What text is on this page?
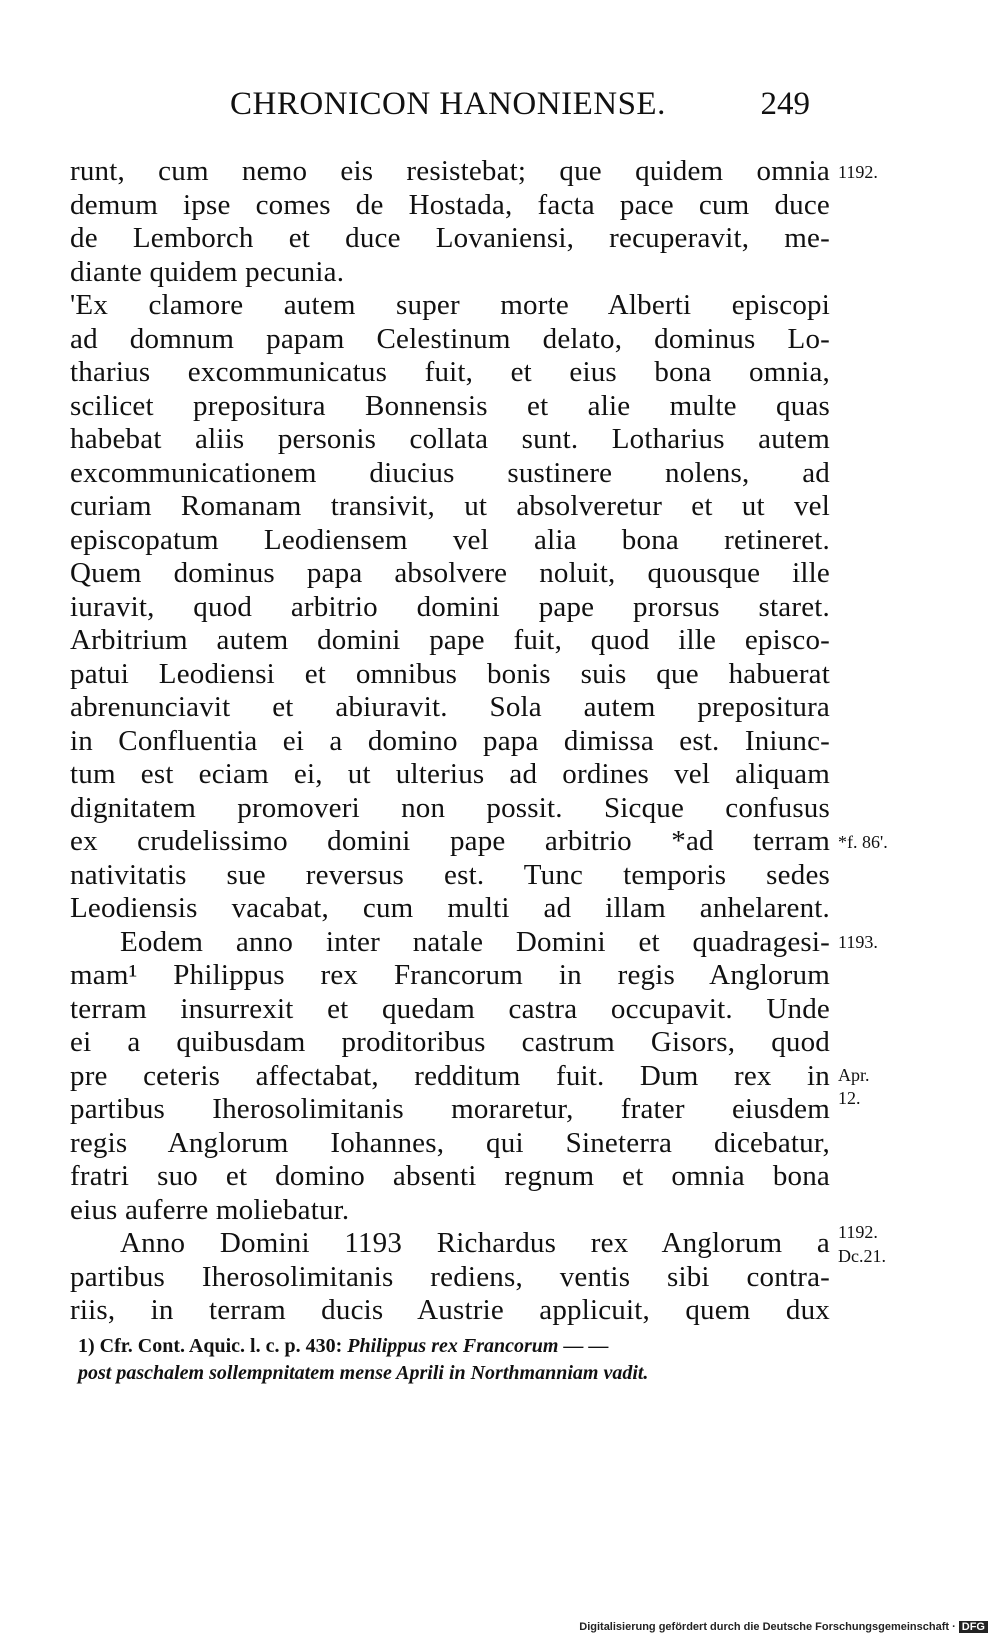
CHRONICON HANONIENSE.	249
runt, cum nemo eis resistebat; que quidem omnia
demum ipse comes de Hostada, facta pace cum duce
de Lemborch et duce Lovaniensi, recuperavit, me-
diante quidem pecunia.
'Ex clamore autem super morte Alberti episcopi
ad domnum papam Celestinum delato, dominus Lo-
tharius excommunicatus fuit, et eius bona omnia,
scilicet prepositura Bonnensis et alie multe quas
habebat aliis personis collata sunt. Lotharius autem
excommunicationem diucius sustinere nolens, ad
curiam Romanam transivit, ut absolveretur et ut vel
episcopatum Leodiensem vel alia bona retineret.
Quem dominus papa absolvere noluit, quousque ille
iuravit, quod arbitrio domini pape prorsus staret.
Arbitrium autem domini pape fuit, quod ille episco-
patui Leodiensi et omnibus bonis suis que habuerat
abrenunciavit et abiuravit. Sola autem prepositura
in Confluentia ei a domino papa dimissa est. Iniunc-
tum est eciam ei, ut ulterius ad ordines vel aliquam
dignitatem promoveri non possit. Sicque confusus
ex crudelissimo domini pape arbitrio *ad terram
nativitatis sue reversus est. Tunc temporis sedes
Leodiensis vacabat, cum multi ad illam anhelarent.
Eodem anno inter natale Domini et quadragesi-
mam¹ Philippus rex Francorum in regis Anglorum
terram insurrexit et quedam castra occupavit. Unde
ei a quibusdam proditoribus castrum Gisors, quod
pre ceteris affectabat, redditum fuit. Dum rex in
partibus Iherosolimitanis moraretur, frater eiusdem
regis Anglorum Iohannes, qui Sineterra dicebatur,
fratri suo et domino absenti regnum et omnia bona
eius auferre moliebatur.
Anno Domini 1193 Richardus rex Anglorum a
partibus Iherosolimitanis rediens, ventis sibi contra-
riis, in terram ducis Austrie applicuit, quem dux
1192.
*f. 86'.
1193.
Apr.
12.
1192.
Dc.21.
1) Cfr. Cont. Aquic. l. c. p. 430: Philippus rex Francorum — —
post paschalem sollempnitatem mense Aprili in Northmanniam vadit.
Digitalisierung gefördert durch die Deutsche Forschungsgemeinschaft · DFG
